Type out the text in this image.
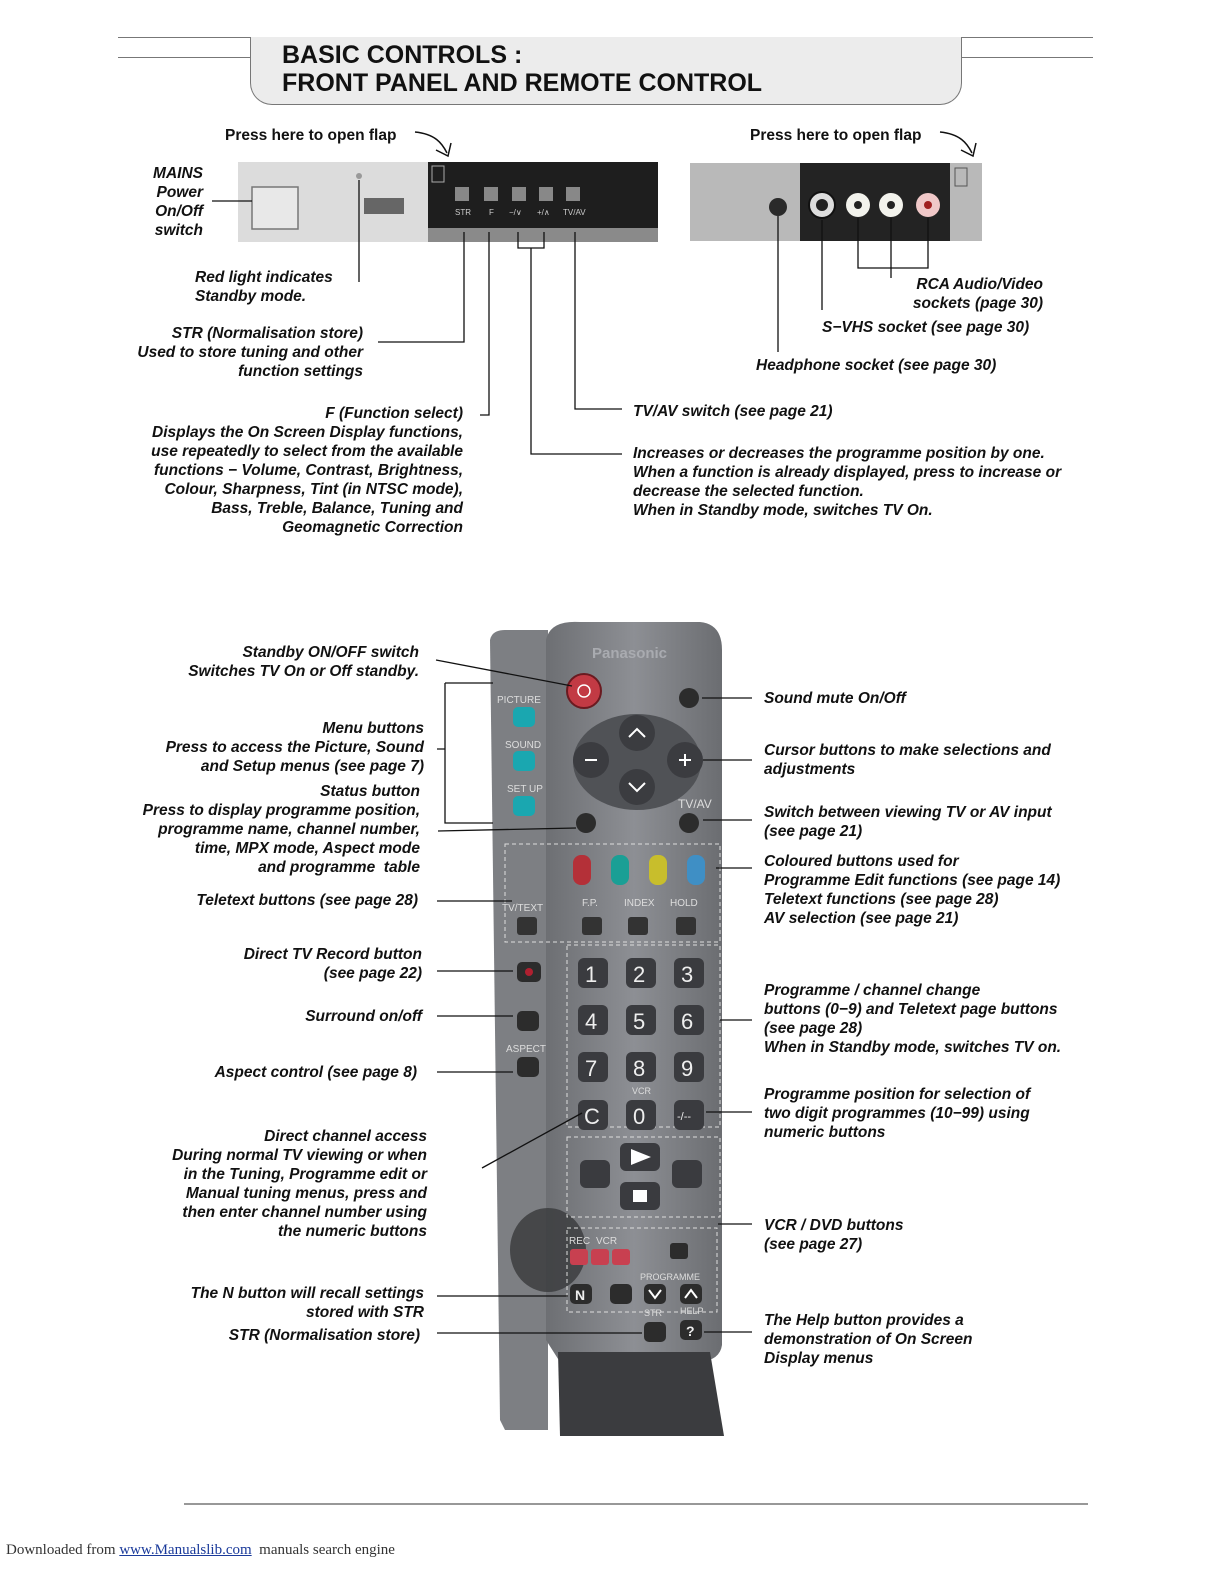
BASIC CONTROLS :
FRONT PANEL AND REMOTE CONTROL
STR F −/∨ +/∧ TV/AV
Panasonic
PICTURE
SOUND
SET UP
TV/AV
TV/TEXT	F.P.	INDEX HOLD
ASPECT
1 2 3
4 5 6
7 8 9
VCR
C 0	-/--
REC VCR
PROGRAMME
N
STR HELP
?
Press here to open flap	Press here to open flap
MAINS
Power
On/Off
switch
Red light indicates
Standby mode.
STR (Normalisation store)
Used to store tuning and other
function settings
F (Function select)
Displays the On Screen Display functions,
use repeatedly to select from the available
functions − Volume, Contrast, Brightness,
Colour, Sharpness, Tint (in NTSC mode),
Bass, Treble, Balance, Tuning and
Geomagnetic Correction
TV/AV switch (see page 21)
Increases or decreases the programme position by one.
When a function is already displayed, press to increase or
decrease the selected function.
When in Standby mode, switches TV On.
RCA Audio/Video
sockets (page 30)
S−VHS socket (see page 30)
Headphone socket (see page 30)
Standby ON/OFF switch
Switches TV On or Off standby.
Menu buttons
Press to access the Picture, Sound
and Setup menus (see page 7)
Status button
Press to display programme position,
programme name, channel number,
time, MPX mode, Aspect mode
and programme  table
Teletext buttons (see page 28)
Direct TV Record button
(see page 22)
Surround on/off
Aspect control (see page 8)
Direct channel access
During normal TV viewing or when
in the Tuning, Programme edit or
Manual tuning menus, press and
then enter channel number using
the numeric buttons
The N button will recall settings
stored with STR
STR (Normalisation store)
Sound mute On/Off
Cursor buttons to make selections and
adjustments
Switch between viewing TV or AV input
(see page 21)
Coloured buttons used for
Programme Edit functions (see page 14)
Teletext functions (see page 28)
AV selection (see page 21)
Programme / channel change
buttons (0−9) and Teletext page buttons
(see page 28)
When in Standby mode, switches TV on.
Programme position for selection of
two digit programmes (10−99) using
numeric buttons
VCR / DVD buttons
(see page 27)
The Help button provides a
demonstration of On Screen
Display menus
Downloaded from www.Manualslib.com  manuals search engine
